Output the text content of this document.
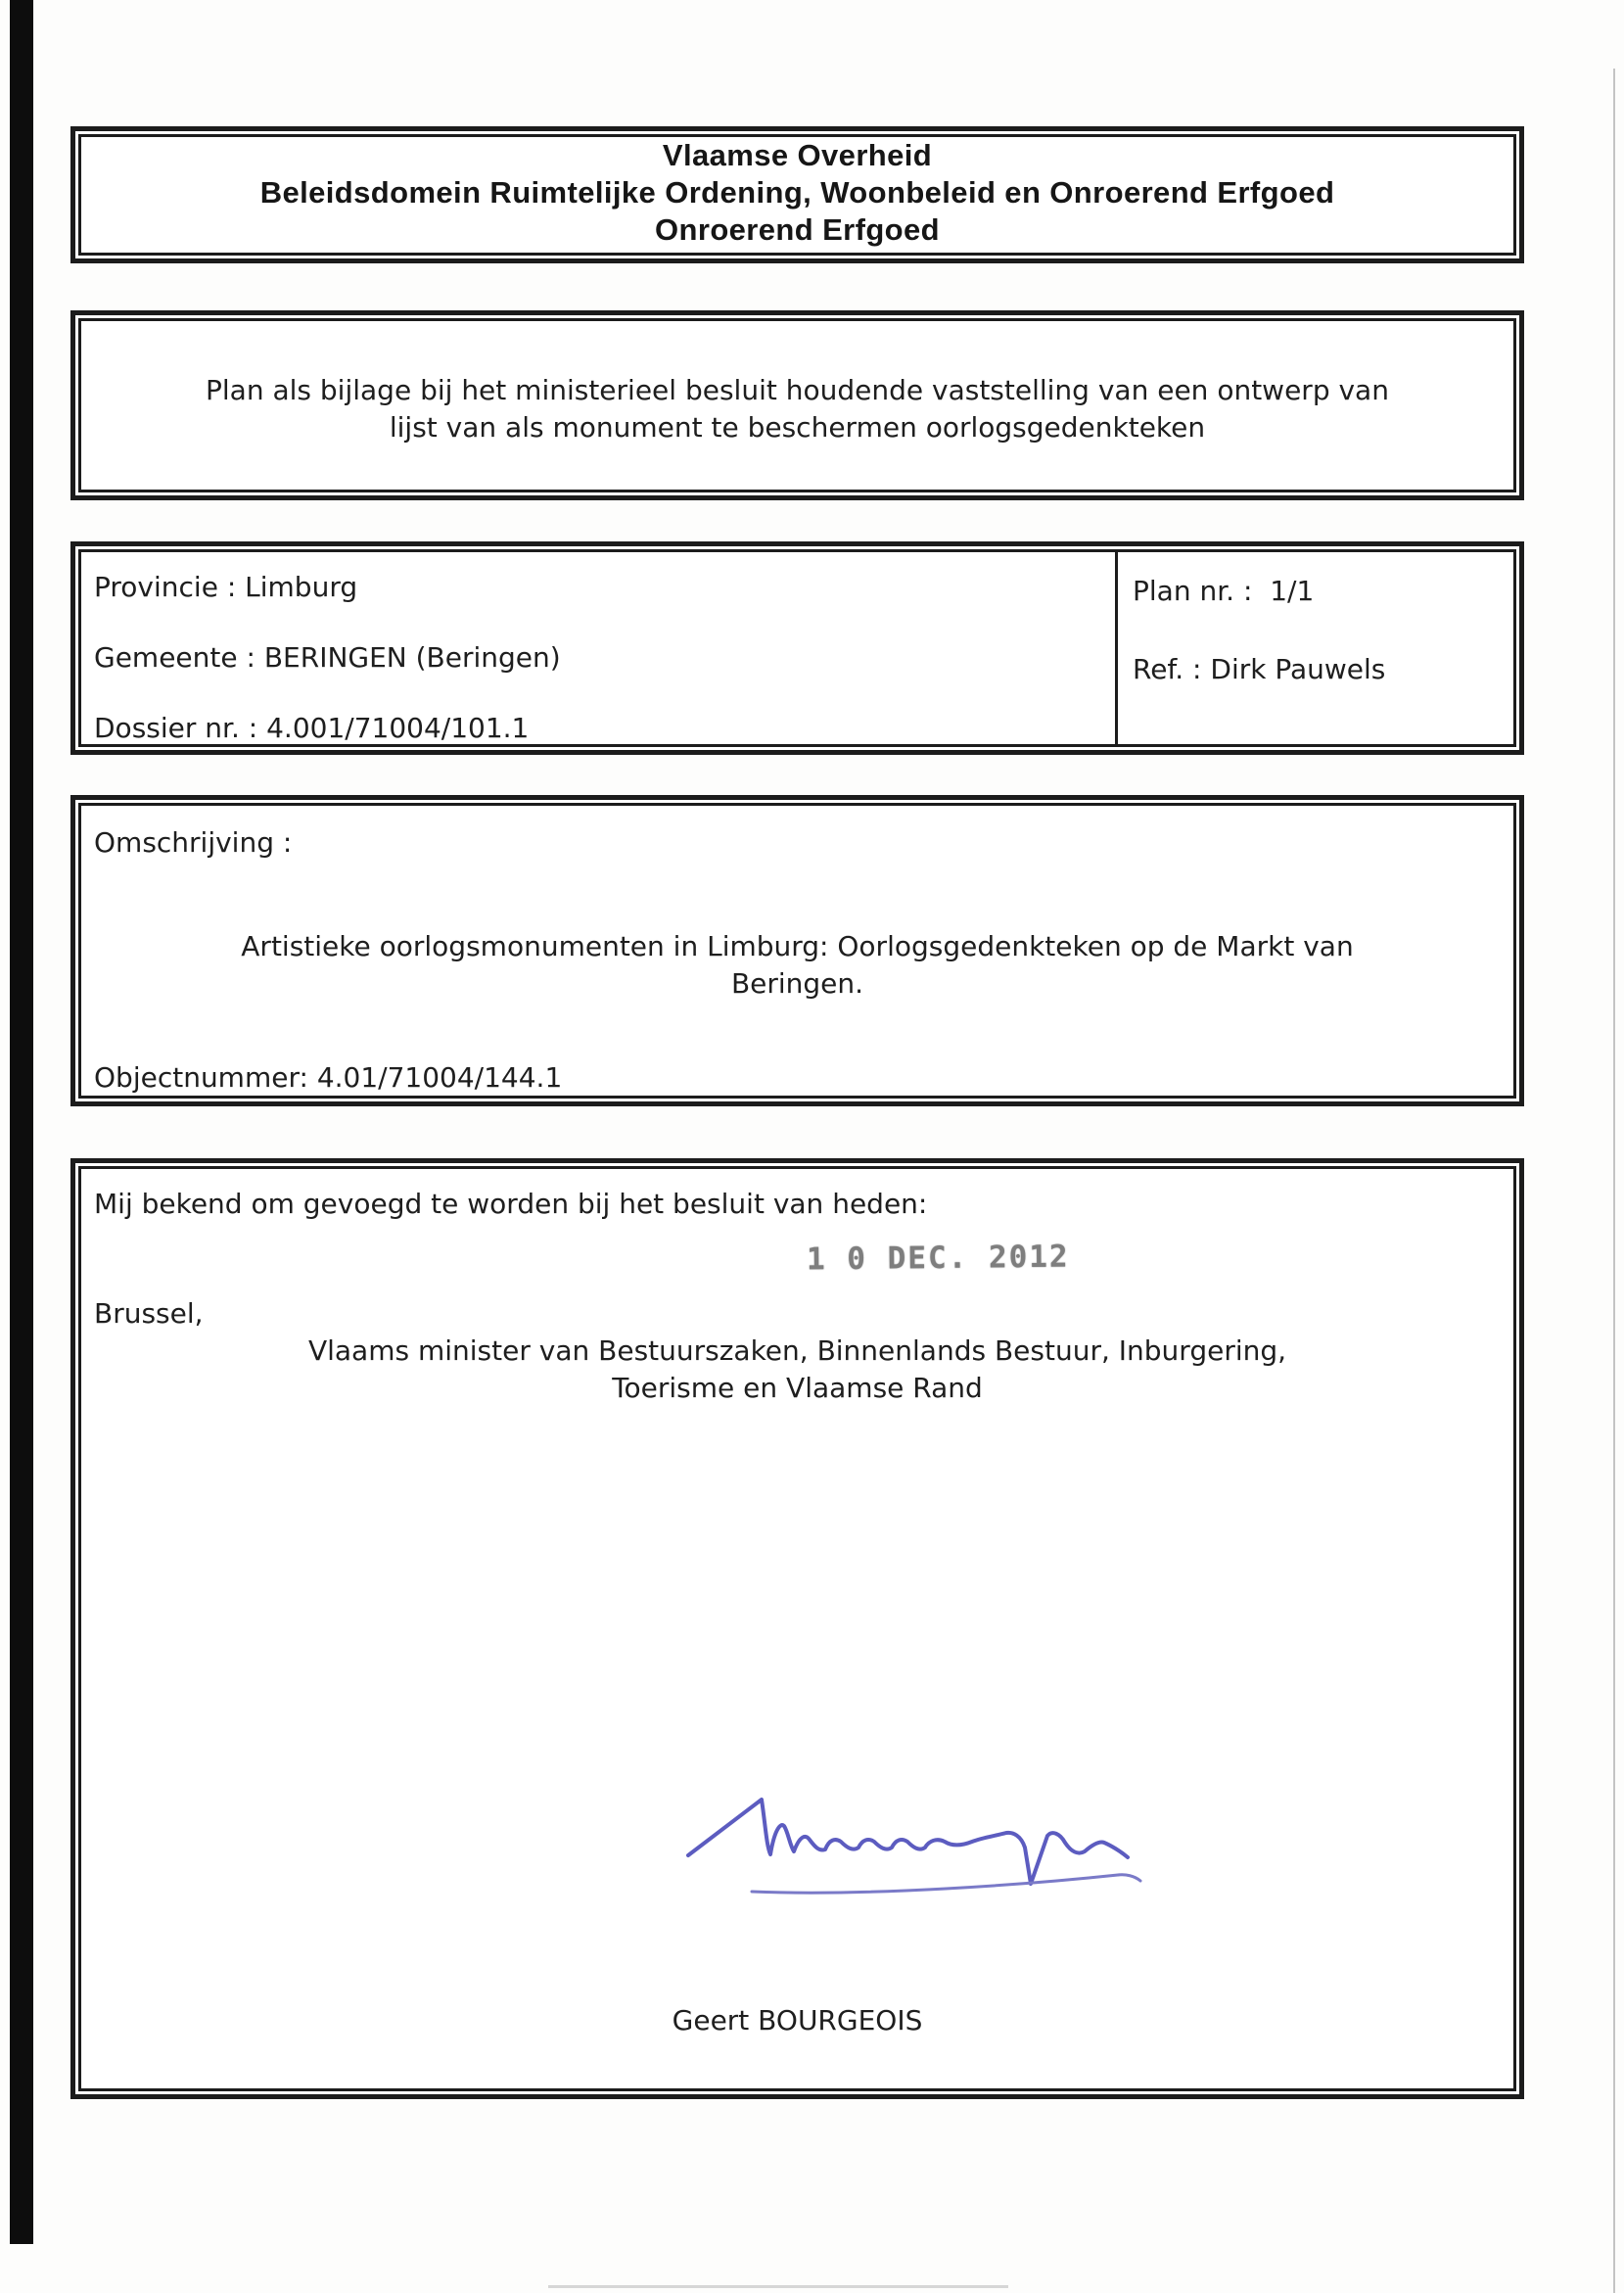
Vlaamse Overheid
Beleidsdomein Ruimtelijke Ordening, Woonbeleid en Onroerend Erfgoed
Onroerend Erfgoed
Plan als bijlage bij het ministerieel besluit houdende vaststelling van een ontwerp van
lijst van als monument te beschermen oorlogsgedenkteken
Provincie : Limburg
Gemeente : BERINGEN (Beringen)
Dossier nr. : 4.001/71004/101.1
Plan nr. :  1/1
Ref. : Dirk Pauwels
Omschrijving :
Artistieke oorlogsmonumenten in Limburg: Oorlogsgedenkteken op de Markt van
Beringen.
Objectnummer: 4.01/71004/144.1
Mij bekend om gevoegd te worden bij het besluit van heden:
1 0 DEC. 2012
Brussel,
Vlaams minister van Bestuurszaken, Binnenlands Bestuur, Inburgering,
Toerisme en Vlaamse Rand
Geert BOURGEOIS
